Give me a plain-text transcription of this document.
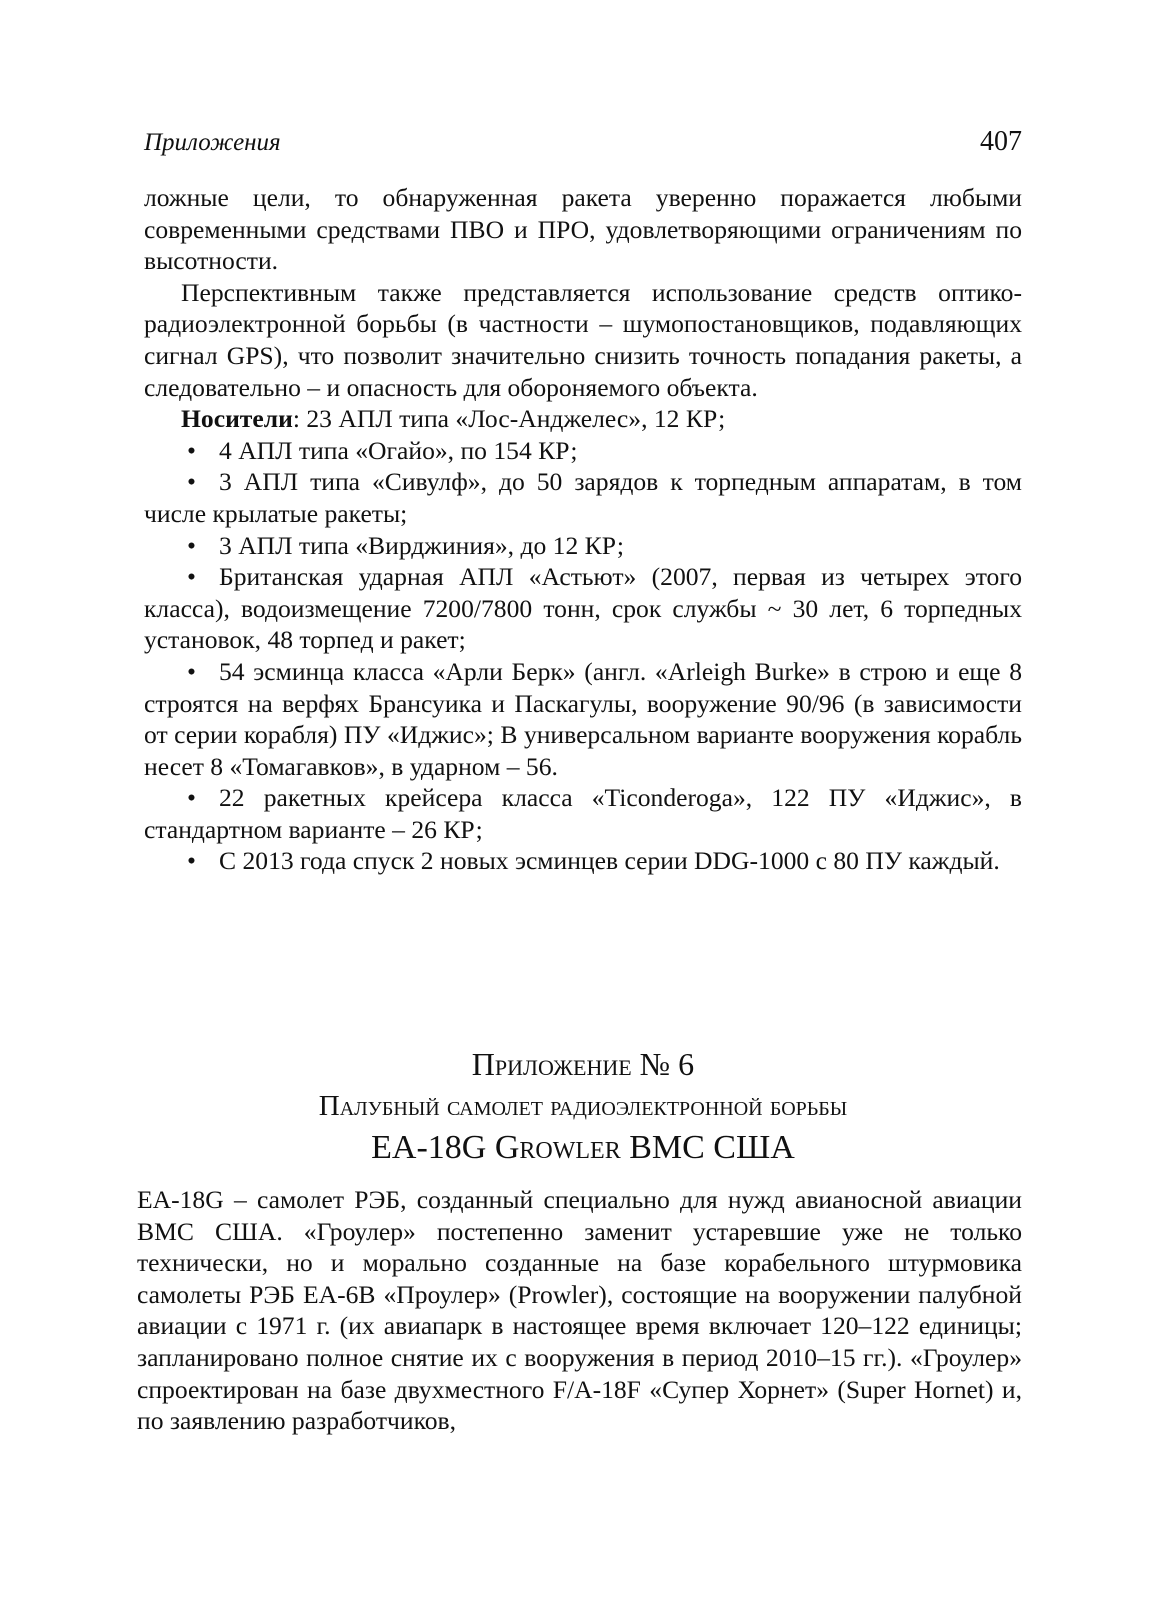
Приложения	407

ложные цели, то обнаруженная ракета уверенно поражается любыми современными средствами ПВО и ПРО, удовлетворяющими ограничениям по высотности.

Перспективным также представляется использование средств оптико-радиоэлектронной борьбы (в частности – шумопостановщиков, подавляющих сигнал GPS), что позволит значительно снизить точность попадания ракеты, а следовательно – и опасность для обороняемого объекта.

Носители: 23 АПЛ типа «Лос-Анджелес», 12 КР;

• 4 АПЛ типа «Огайо», по 154 КР;

• 3 АПЛ типа «Сивулф», до 50 зарядов к торпедным аппаратам, в том числе крылатые ракеты;

• 3 АПЛ типа «Вирджиния», до 12 КР;

• Британская ударная АПЛ «Астьют» (2007, первая из четырех этого класса), водоизмещение 7200/7800 тонн, срок службы ~ 30 лет, 6 торпедных установок, 48 торпед и ракет;

• 54 эсминца класса «Арли Берк» (англ. «Arleigh Burke» в строю и еще 8 строятся на верфях Брансуика и Паскагулы, вооружение 90/96 (в зависимости от серии корабля) ПУ «Иджис»; В универсальном варианте вооружения корабль несет 8 «Томагавков», в ударном – 56.

• 22 ракетных крейсера класса «Ticonderoga», 122 ПУ «Иджис», в стандартном варианте – 26 КР;

• С 2013 года спуск 2 новых эсминцев серии DDG-1000 с 80 ПУ каждый.

Приложение № 6
Палубный самолет радиоэлектронной борьбы
EA-18G Growler ВМС США

EA-18G – самолет РЭБ, созданный специально для нужд авианосной авиации ВМС США. «Гроулер» постепенно заменит устаревшие уже не только технически, но и морально созданные на базе корабельного штурмовика самолеты РЭБ EA-6B «Проулер» (Prowler), состоящие на вооружении палубной авиации с 1971 г. (их авиапарк в настоящее время включает 120–122 единицы; запланировано полное снятие их с вооружения в период 2010–15 гг.). «Гроулер» спроектирован на базе двухместного F/A-18F «Супер Хорнет» (Super Hornet) и, по заявлению разработчиков,
